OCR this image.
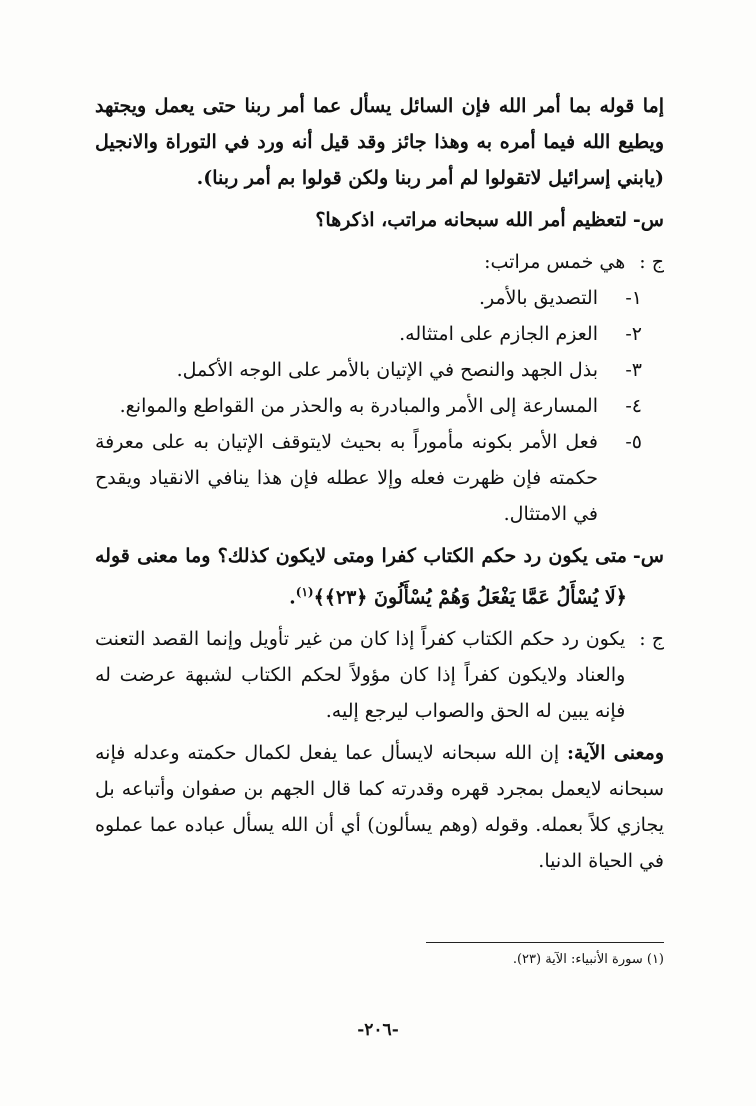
إما قوله بما أمر الله فإن السائل يسأل عما أمر ربنا حتى يعمل ويجتهد ويطيع الله فيما أمره به وهذا جائز وقد قيل أنه ورد في التوراة والانجيل (يابني إسرائيل لاتقولوا لم أمر ربنا ولكن قولوا بم أمر ربنا).

س-
لتعظيم أمر الله سبحانه مراتب، اذكرها؟
ج :
هي خمس مراتب:
١-
التصديق بالأمر.
٢-
العزم الجازم على امتثاله.
٣-
بذل الجهد والنصح في الإتيان بالأمر على الوجه الأكمل.
٤-
المسارعة إلى الأمر والمبادرة به والحذر من القواطع والموانع.
٥-
فعل الأمر بكونه مأموراً به بحيث لايتوقف الإتيان به على معرفة حكمته فإن ظهرت فعله وإلا عطله فإن هذا ينافي الانقياد ويقدح في الامتثال.
س-
متى يكون رد حكم الكتاب كفرا ومتى لايكون كذلك؟ وما معنى قوله ﴿لَا يُسْأَلُ عَمَّا يَفْعَلُ وَهُمْ يُسْأَلُونَ ﴿٢٣﴾﴾$^{(١)}$.
ج :
يكون رد حكم الكتاب كفراً إذا كان من غير تأويل وإنما القصد التعنت والعناد ولايكون كفراً إذا كان مؤولاً لحكم الكتاب لشبهة عرضت له فإنه يبين له الحق والصواب ليرجع إليه.

ومعنى الآية: إن الله سبحانه لايسأل عما يفعل لكمال حكمته وعدله فإنه سبحانه لايعمل بمجرد قهره وقدرته كما قال الجهم بن صفوان وأتباعه بل يجازي كلاً بعمله. وقوله (وهم يسألون) أي أن الله يسأل عباده عما عملوه في الحياة الدنيا.

(١) سورة الأنبياء: الآية (٢٣).
-٢٠٦-
